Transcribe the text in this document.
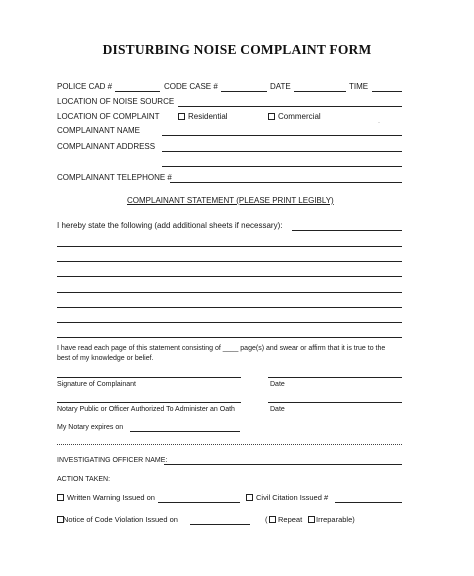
DISTURBING NOISE COMPLAINT FORM
POLICE CAD #	CODE CASE #	DATE	TIME
LOCATION OF NOISE SOURCE
LOCATION OF COMPLAINT	Residential	Commercial
·
COMPLAINANT NAME
COMPLAINANT ADDRESS
COMPLAINANT TELEPHONE #
COMPLAINANT STATEMENT (PLEASE PRINT LEGIBLY)
I hereby state the following (add additional sheets if necessary):
I have read each page of this statement consisting of ____ page(s) and swear or affirm that it is true to the
best of my knowledge or belief.
Signature of Complainant	Date
Notary Public or Officer Authorized To Administer an Oath	Date
My Notary expires on
INVESTIGATING OFFICER NAME:
ACTION TAKEN:
Written Warning Issued on	Civil Citation Issued #
Notice of Code Violation Issued on	( Repeat Irreparable)
